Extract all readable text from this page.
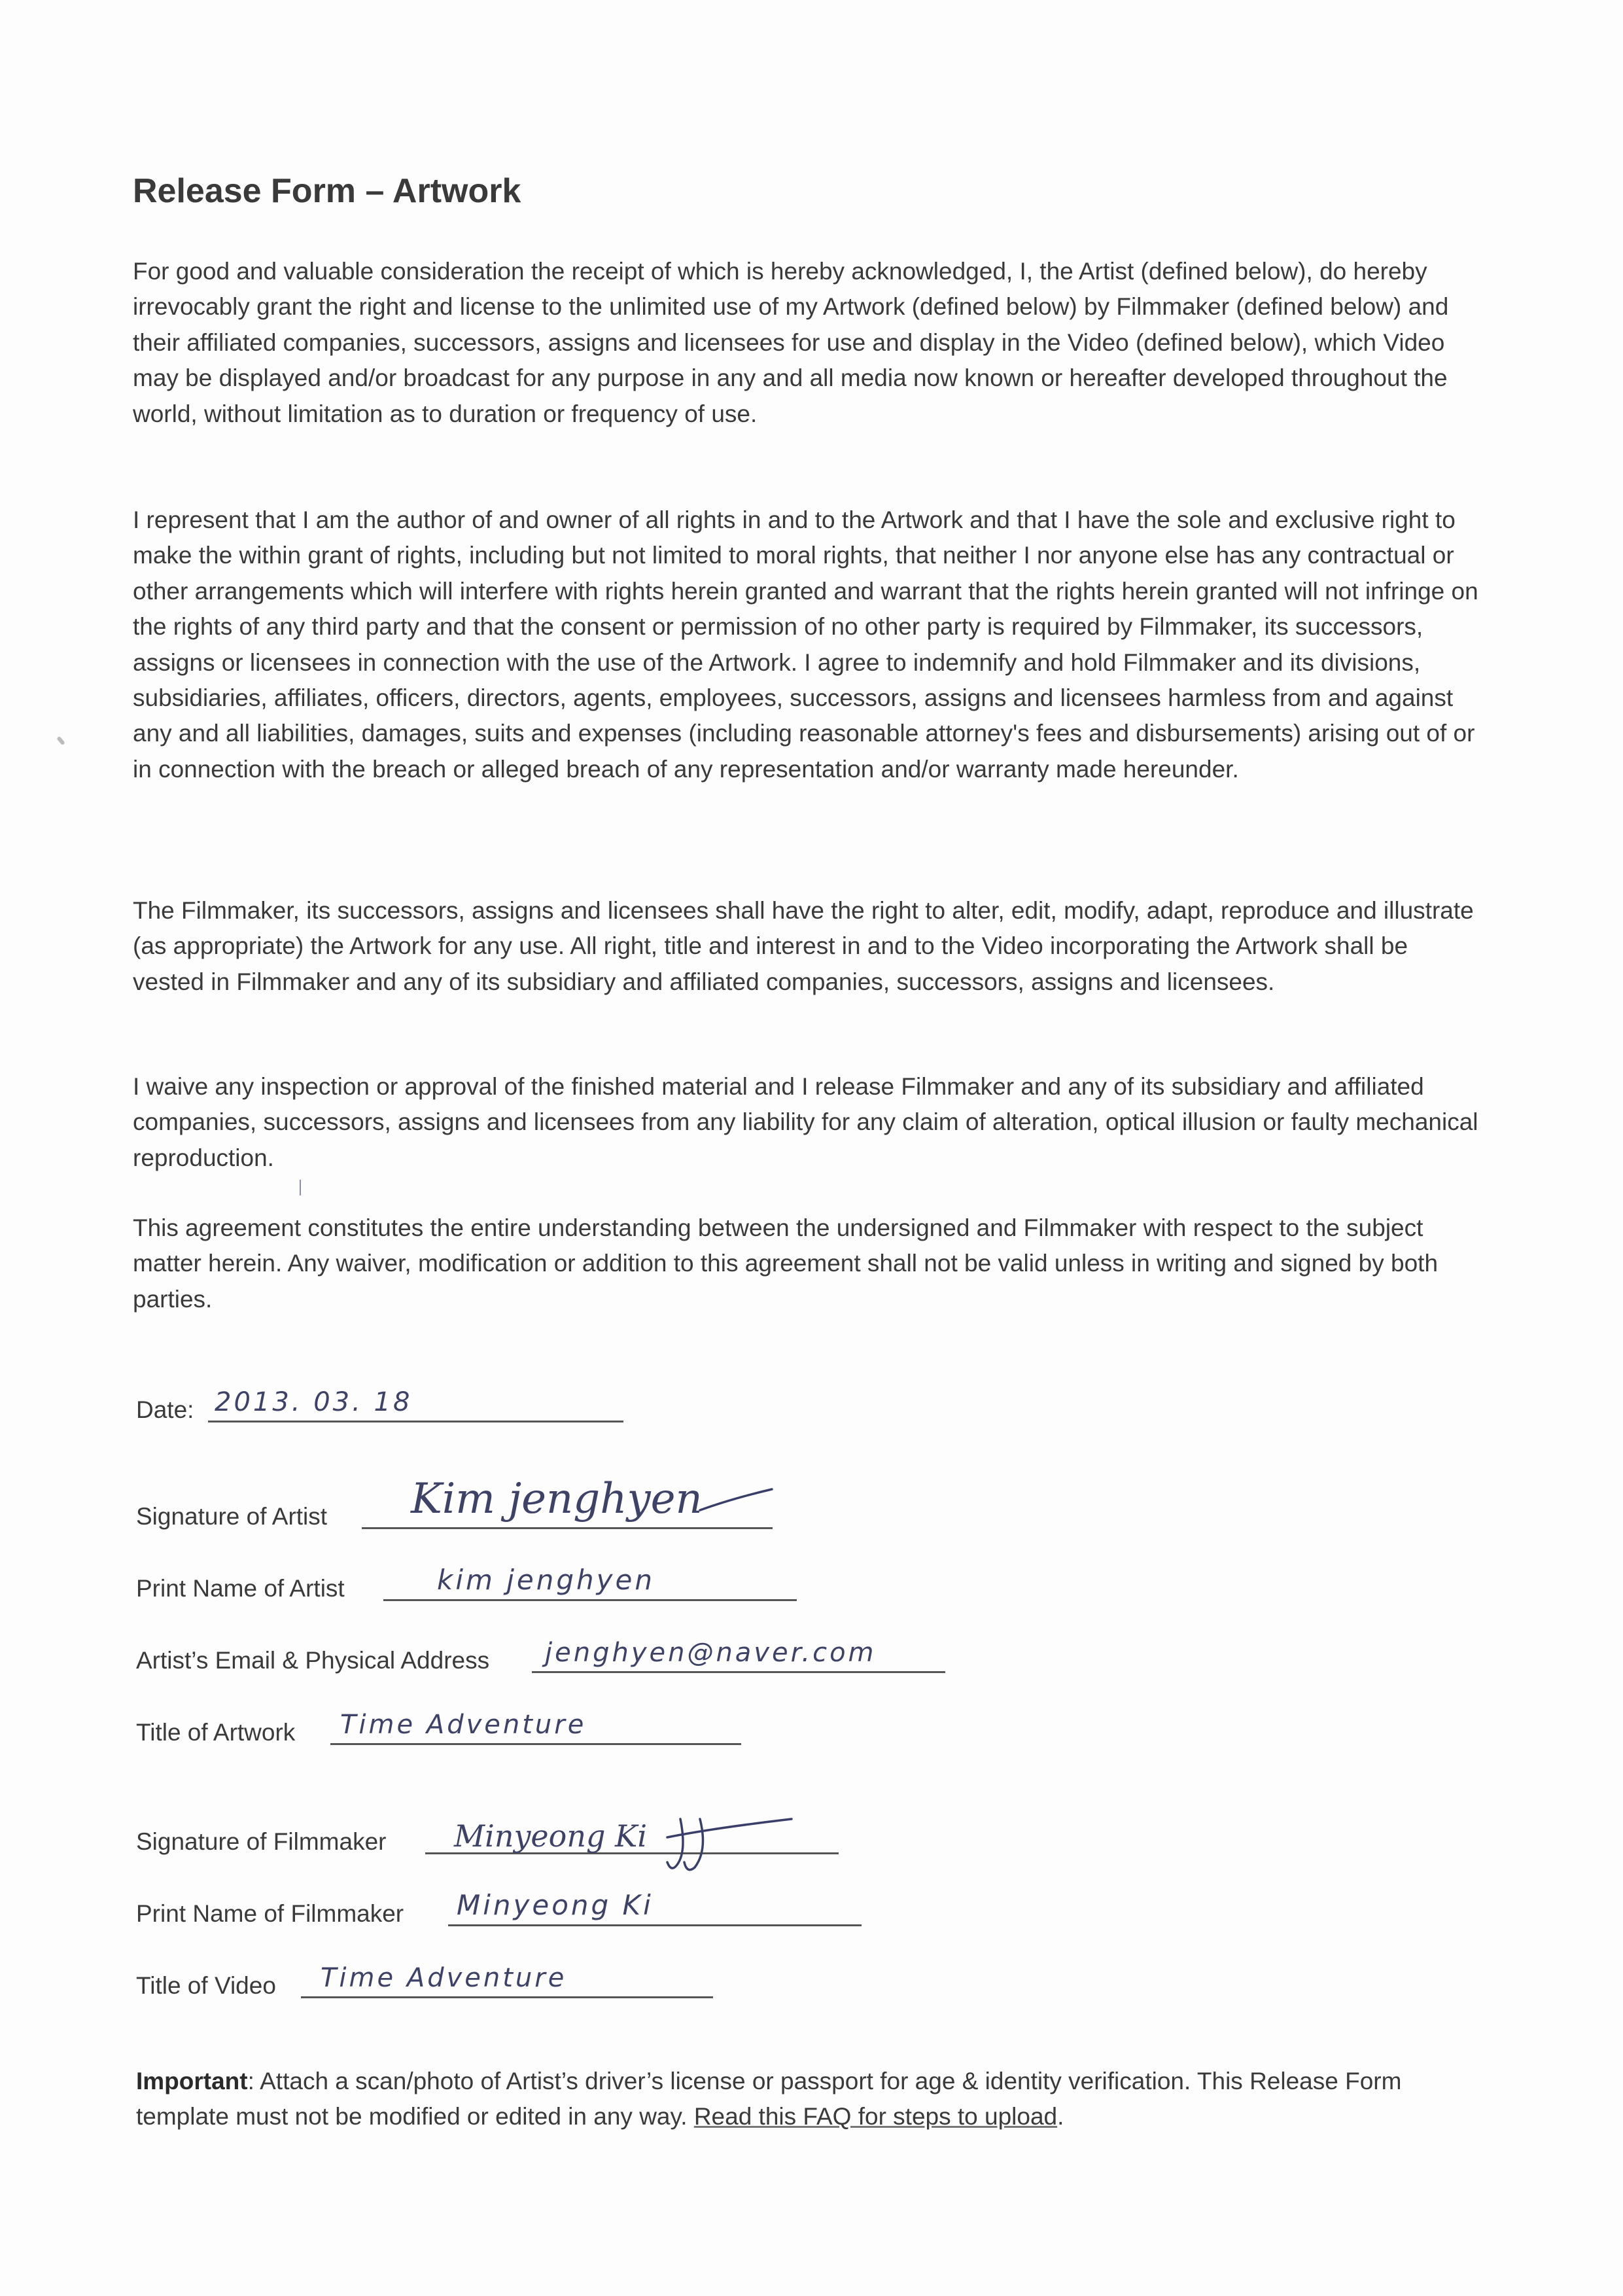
Release Form – Artwork

For good and valuable consideration the receipt of which is hereby acknowledged, I, the Artist (defined below), do hereby irrevocably grant the right and license to the unlimited use of my Artwork (defined below) by Filmmaker (defined below) and their affiliated companies, successors, assigns and licensees for use and display in the Video (defined below), which Video may be displayed and/or broadcast for any purpose in any and all media now known or hereafter developed throughout the world, without limitation as to duration or frequency of use.

I represent that I am the author of and owner of all rights in and to the Artwork and that I have the sole and exclusive right to make the within grant of rights, including but not limited to moral rights, that neither I nor anyone else has any contractual or other arrangements which will interfere with rights herein granted and warrant that the rights herein granted will not infringe on the rights of any third party and that the consent or permission of no other party is required by Filmmaker, its successors, assigns or licensees in connection with the use of the Artwork. I agree to indemnify and hold Filmmaker and its divisions, subsidiaries, affiliates, officers, directors, agents, employees, successors, assigns and licensees harmless from and against any and all liabilities, damages, suits and expenses (including reasonable attorney's fees and disbursements) arising out of or in connection with the breach or alleged breach of any representation and/or warranty made hereunder.

The Filmmaker, its successors, assigns and licensees shall have the right to alter, edit, modify, adapt, reproduce and illustrate (as appropriate) the Artwork for any use. All right, title and interest in and to the Video incorporating the Artwork shall be vested in Filmmaker and any of its subsidiary and affiliated companies, successors, assigns and licensees.

I waive any inspection or approval of the finished material and I release Filmmaker and any of its subsidiary and affiliated companies, successors, assigns and licensees from any liability for any claim of alteration, optical illusion or faulty mechanical reproduction.

This agreement constitutes the entire understanding between the undersigned and Filmmaker with respect to the subject matter herein. Any waiver, modification or addition to this agreement shall not be valid unless in writing and signed by both parties.

Date: 2013. 03. 18
Signature of Artist Kim jenghyen
Print Name of Artist	kim jenghyen
Artist’s Email & Physical Address jenghyen@naver.com
Title of Artwork Time Adventure
Signature of Filmmaker Minyeong Ki
Print Name of Filmmaker Minyeong Ki
Title of Video Time Adventure

Important: Attach a scan/photo of Artist’s driver’s license or passport for age & identity verification. This Release Form template must not be modified or edited in any way. Read this FAQ for steps to upload.
